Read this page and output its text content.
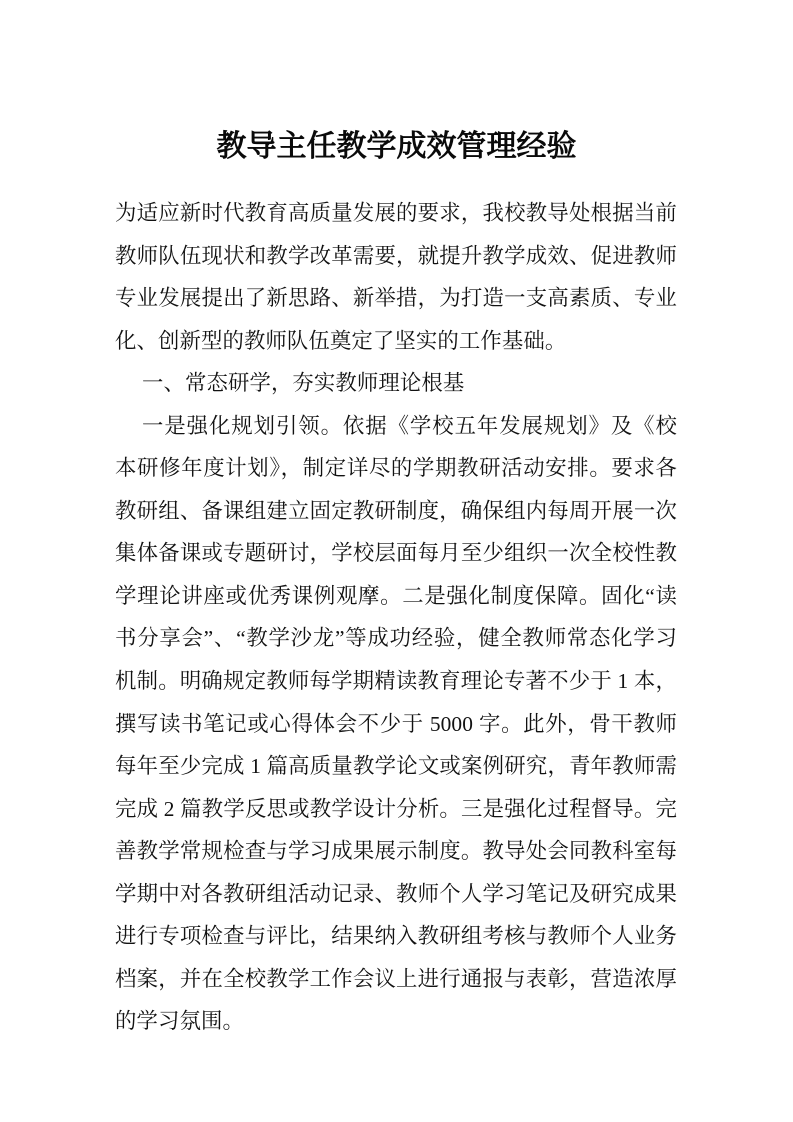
教导主任教学成效管理经验

为适应新时代教育高质量发展的要求，我校教导处根据当前教师队伍现状和教学改革需要，就提升教学成效、促进教师专业发展提出了新思路、新举措，为打造一支高素质、专业化、创新型的教师队伍奠定了坚实的工作基础。

一、常态研学，夯实教师理论根基

一是强化规划引领。依据《学校五年发展规划》及《校本研修年度计划》，制定详尽的学期教研活动安排。要求各教研组、备课组建立固定教研制度，确保组内每周开展一次集体备课或专题研讨，学校层面每月至少组织一次全校性教学理论讲座或优秀课例观摩。二是强化制度保障。固化“读书分享会”、“教学沙龙”等成功经验，健全教师常态化学习机制。明确规定教师每学期精读教育理论专著不少于 1 本，撰写读书笔记或心得体会不少于 5000 字。此外，骨干教师每年至少完成 1 篇高质量教学论文或案例研究，青年教师需完成 2 篇教学反思或教学设计分析。三是强化过程督导。完善教学常规检查与学习成果展示制度。教导处会同教科室每学期中对各教研组活动记录、教师个人学习笔记及研究成果进行专项检查与评比，结果纳入教研组考核与教师个人业务档案，并在全校教学工作会议上进行通报与表彰，营造浓厚的学习氛围。
